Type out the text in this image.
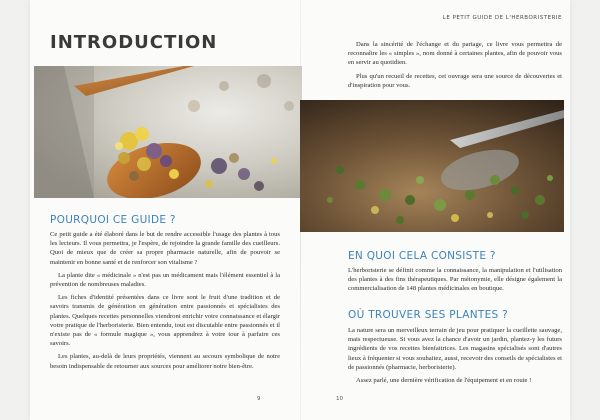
LE PETIT GUIDE DE L'HERBORISTERIE
INTRODUCTION
POURQUOI CE GUIDE ?

Ce petit guide a été élaboré dans le but de rendre accessible l'usage des plantes à tous les lecteurs. Il vous permettra, je l'espère, de rejoindre la grande famille des cueilleurs. Quoi de mieux que de créer sa propre pharmacie naturelle, afin de pouvoir se maintenir en bonne santé et de renforcer son vitalisme ?

La plante dite « médicinale » n'est pas un médicament mais l'élément essentiel à la prévention de nombreuses maladies.

Les fiches d'identité présentées dans ce livre sont le fruit d'une tradition et de savoirs transmis de génération en génération entre passionnés et spécialistes des plantes. Quelques recettes personnelles viendront enrichir votre connaissance et élargir votre pratique de l'herboristerie. Bien entendu, tout est discutable entre passionnés et il n'existe pas de « formule magique », vous apprendrez à votre tour à parfaire ces savoirs.

Les plantes, au-delà de leurs propriétés, viennent au secours symbolique de notre besoin indispensable de retourner aux sources pour améliorer notre bien-être.

9

Dans la sincérité de l'échange et du partage, ce livre vous permettra de reconnaître les « simples », nom donné à certaines plantes, afin de pouvoir vous en servir au quotidien.

Plus qu'un recueil de recettes, cet ouvrage sera une source de découvertes et d'inspiration pour vous.

EN QUOI CELA CONSISTE ?

L'herboristerie se définit comme la connaissance, la manipulation et l'utilisation des plantes à des fins thérapeutiques. Par métonymie, elle désigne également la commercialisation de 148 plantes médicinales en boutique.

OÙ TROUVER SES PLANTES ?

La nature sera un merveilleux terrain de jeu pour pratiquer la cueillette sauvage, mais respectueuse. Si vous avez la chance d'avoir un jardin, plantez-y les futurs ingrédients de vos recettes bienfaitrices. Les magasins spécialisés sont d'autres lieux à fréquenter si vous souhaitez, aussi, recevoir des conseils de spécialistes et de passionnés (pharmacie, herboristerie).

Assez parlé, une dernière vérification de l'équipement et en route !

10
